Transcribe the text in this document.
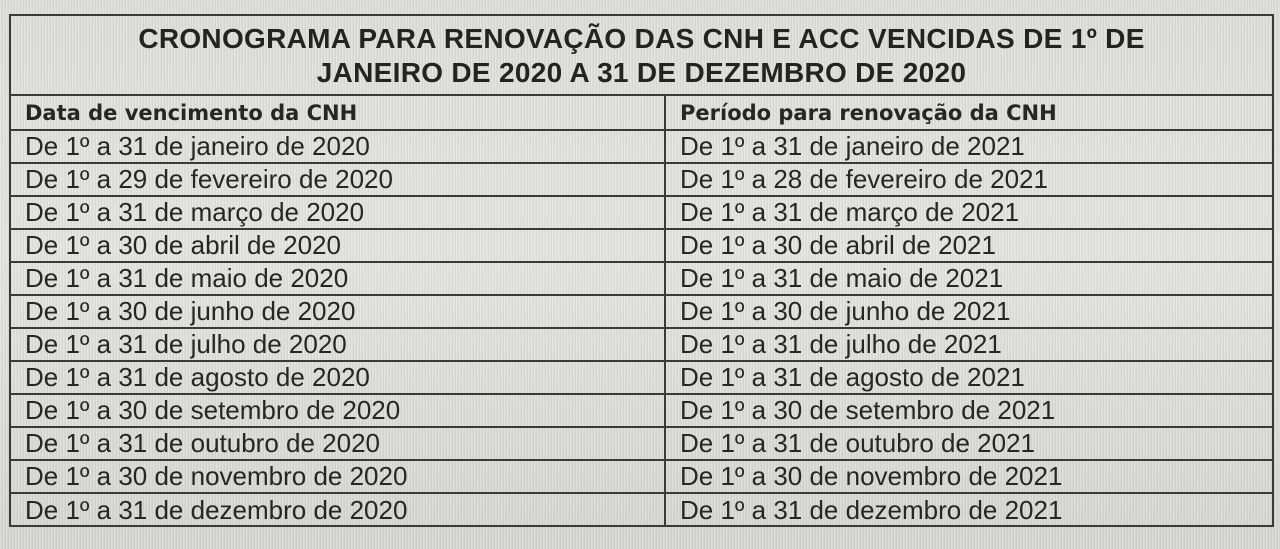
CRONOGRAMA PARA RENOVAÇÃO DAS CNH E ACC VENCIDAS DE 1º DE
JANEIRO DE 2020 A 31 DE DEZEMBRO DE 2020
Data de vencimento da CNH	Período para renovação da CNH
De 1º a 31 de janeiro de 2020	De 1º a 31 de janeiro de 2021
De 1º a 29 de fevereiro de 2020	De 1º a 28 de fevereiro de 2021
De 1º a 31 de março de 2020	De 1º a 31 de março de 2021
De 1º a 30 de abril de 2020	De 1º a 30 de abril de 2021
De 1º a 31 de maio de 2020	De 1º a 31 de maio de 2021
De 1º a 30 de junho de 2020	De 1º a 30 de junho de 2021
De 1º a 31 de julho de 2020	De 1º a 31 de julho de 2021
De 1º a 31 de agosto de 2020	De 1º a 31 de agosto de 2021
De 1º a 30 de setembro de 2020	De 1º a 30 de setembro de 2021
De 1º a 31 de outubro de 2020	De 1º a 31 de outubro de 2021
De 1º a 30 de novembro de 2020	De 1º a 30 de novembro de 2021
De 1º a 31 de dezembro de 2020	De 1º a 31 de dezembro de 2021
